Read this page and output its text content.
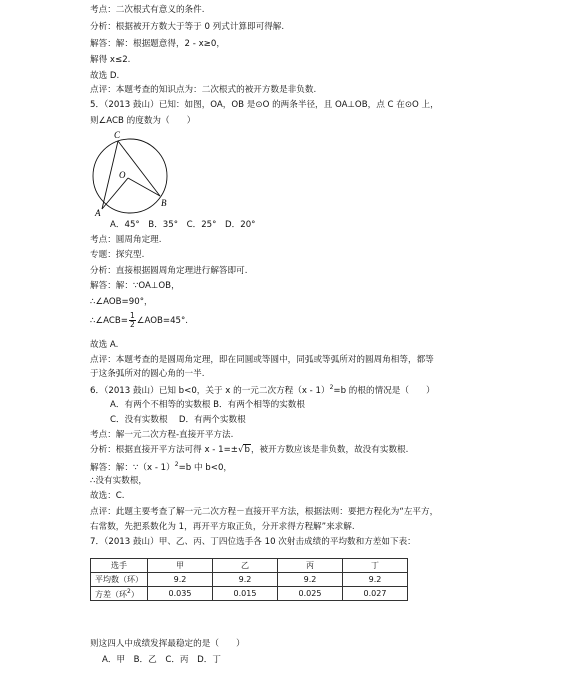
考点：二次根式有意义的条件.
分析：根据被开方数大于等于 0 列式计算即可得解.
解答：解：根据题意得，2 - x≥0，
解得 x≤2.
故选 D.
点评：本题考查的知识点为：二次根式的被开方数是非负数.
5．（2013 鼓山）已知：如图，OA，OB 是⊙O 的两条半径，且 OA⊥OB，点 C 在⊙O 上，
则∠ACB 的度数为（　　）
C
O
A
B
A．45°　B．35°　C．25°　D．20°
考点：圆周角定理.
专题：探究型.
分析：直接根据圆周角定理进行解答即可.
解答：解：∵OA⊥OB，
∴∠AOB=90°，
∴∠ACB= $\frac{1}{2}$ ∠AOB=45°.
故选 A.
点评：本题考查的是圆周角定理，即在同圆或等圆中，同弧或等弧所对的圆周角相等，都等
于这条弧所对的圆心角的一半.
6．（2013 鼓山）已知 b<0，关于 x 的一元二次方程（x - 1）$^2$=b 的根的情况是（　　）
A．有两个不相等的实数根 B．有两个相等的实数根
C．没有实数根　 D．有两个实数根
考点：解一元二次方程-直接开平方法.
分析：根据直接开平方法可得 x - 1=±√b，被开方数应该是非负数，故没有实数根.
解答：解：∵（x - 1）$^2$=b 中 b<0，
∴没有实数根，
故选：C.
点评：此题主要考查了解一元二次方程－直接开平方法，根据法则：要把方程化为“左平方，
右常数，先把系数化为 1，再开平方取正负，分开求得方程解”来求解.
7．（2013 鼓山）甲、乙、丙、丁四位选手各 10 次射击成绩的平均数和方差如下表：
选手	甲	乙	丙	丁
平均数（环）	9.2	9.2	9.2	9.2
方差（环$^2$）	0.035	0.015	0.025	0.027
则这四人中成绩发挥最稳定的是（　　）
A．甲　B．乙　C．丙　D．丁
